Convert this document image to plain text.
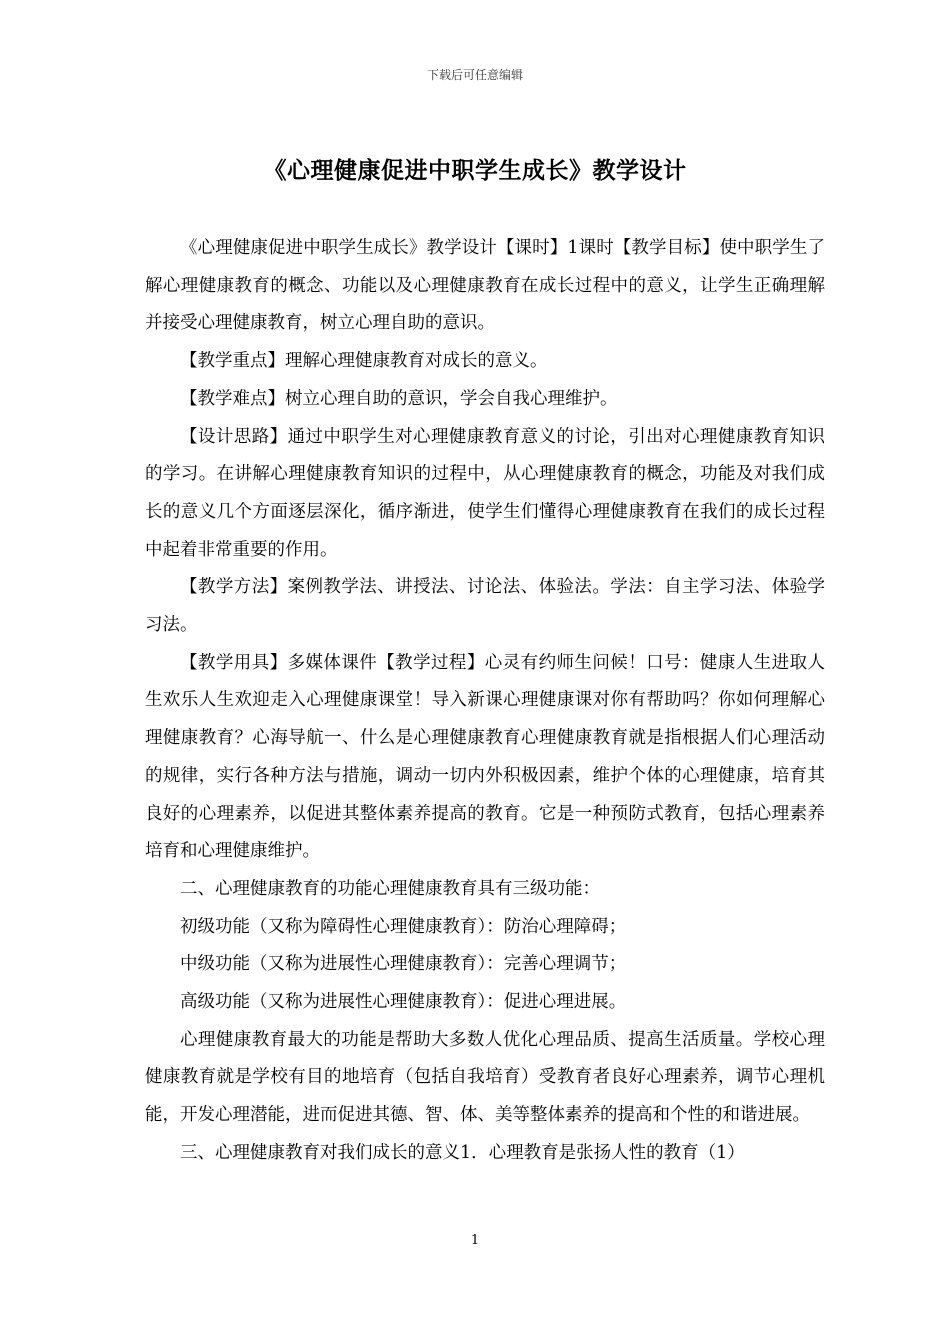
下载后可任意编辑
《心理健康促进中职学生成长》教学设计

《心理健康促进中职学生成长》教学设计【课时】1课时【教学目标】使中职学生了解心理健康教育的概念、功能以及心理健康教育在成长过程中的意义，让学生正确理解并接受心理健康教育，树立心理自助的意识。

【教学重点】理解心理健康教育对成长的意义。

【教学难点】树立心理自助的意识，学会自我心理维护。

【设计思路】通过中职学生对心理健康教育意义的讨论，引出对心理健康教育知识的学习。在讲解心理健康教育知识的过程中，从心理健康教育的概念，功能及对我们成长的意义几个方面逐层深化，循序渐进，使学生们懂得心理健康教育在我们的成长过程中起着非常重要的作用。

【教学方法】案例教学法、讲授法、讨论法、体验法。学法：自主学习法、体验学习法。

【教学用具】多媒体课件【教学过程】心灵有约师生问候！口号：健康人生进取人生欢乐人生欢迎走入心理健康课堂！导入新课心理健康课对你有帮助吗？你如何理解心理健康教育？心海导航一、什么是心理健康教育心理健康教育就是指根据人们心理活动的规律，实行各种方法与措施，调动一切内外积极因素，维护个体的心理健康，培育其良好的心理素养，以促进其整体素养提高的教育。它是一种预防式教育，包括心理素养培育和心理健康维护。

二、心理健康教育的功能心理健康教育具有三级功能：

初级功能（又称为障碍性心理健康教育）：防治心理障碍；

中级功能（又称为进展性心理健康教育）：完善心理调节；

高级功能（又称为进展性心理健康教育）：促进心理进展。

心理健康教育最大的功能是帮助大多数人优化心理品质、提高生活质量。学校心理健康教育就是学校有目的地培育（包括自我培育）受教育者良好心理素养，调节心理机能，开发心理潜能，进而促进其德、智、体、美等整体素养的提高和个性的和谐进展。

三、心理健康教育对我们成长的意义1．心理教育是张扬人性的教育（1）

1
